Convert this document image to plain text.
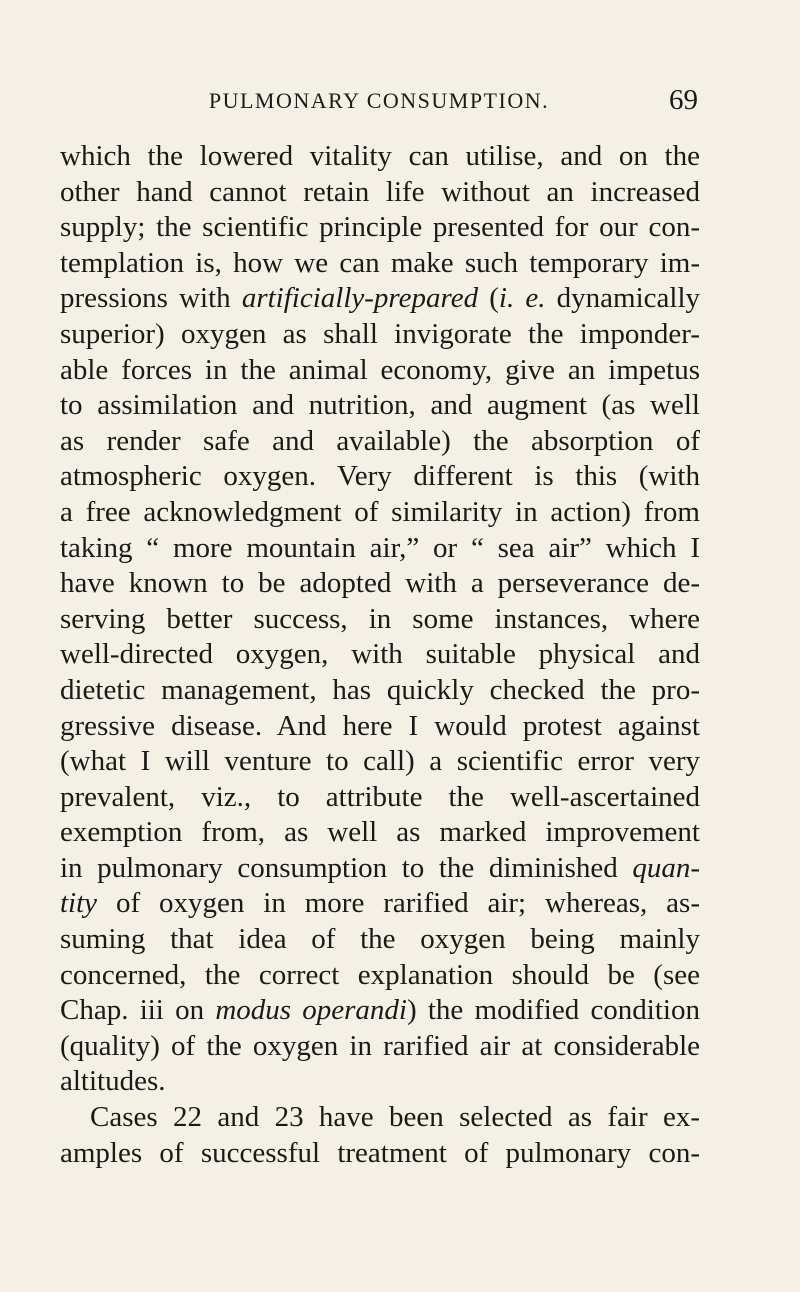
PULMONARY CONSUMPTION.	69
which the lowered vitality can utilise, and on the
other hand cannot retain life without an increased
supply; the scientific principle presented for our con-
templation is, how we can make such temporary im-
pressions with artificially-prepared (i. e. dynamically
superior) oxygen as shall invigorate the imponder-
able forces in the animal economy, give an impetus
to assimilation and nutrition, and augment (as well
as render safe and available) the absorption of
atmospheric oxygen. Very different is this (with
a free acknowledgment of similarity in action) from
taking “ more mountain air,” or “ sea air” which I
have known to be adopted with a perseverance de-
serving better success, in some instances, where
well-directed oxygen, with suitable physical and
dietetic management, has quickly checked the pro-
gressive disease. And here I would protest against
(what I will venture to call) a scientific error very
prevalent, viz., to attribute the well-ascertained
exemption from, as well as marked improvement
in pulmonary consumption to the diminished quan-
tity of oxygen in more rarified air; whereas, as-
suming that idea of the oxygen being mainly
concerned, the correct explanation should be (see
Chap. iii on modus operandi) the modified condition
(quality) of the oxygen in rarified air at considerable
altitudes.
Cases 22 and 23 have been selected as fair ex-
amples of successful treatment of pulmonary con-
